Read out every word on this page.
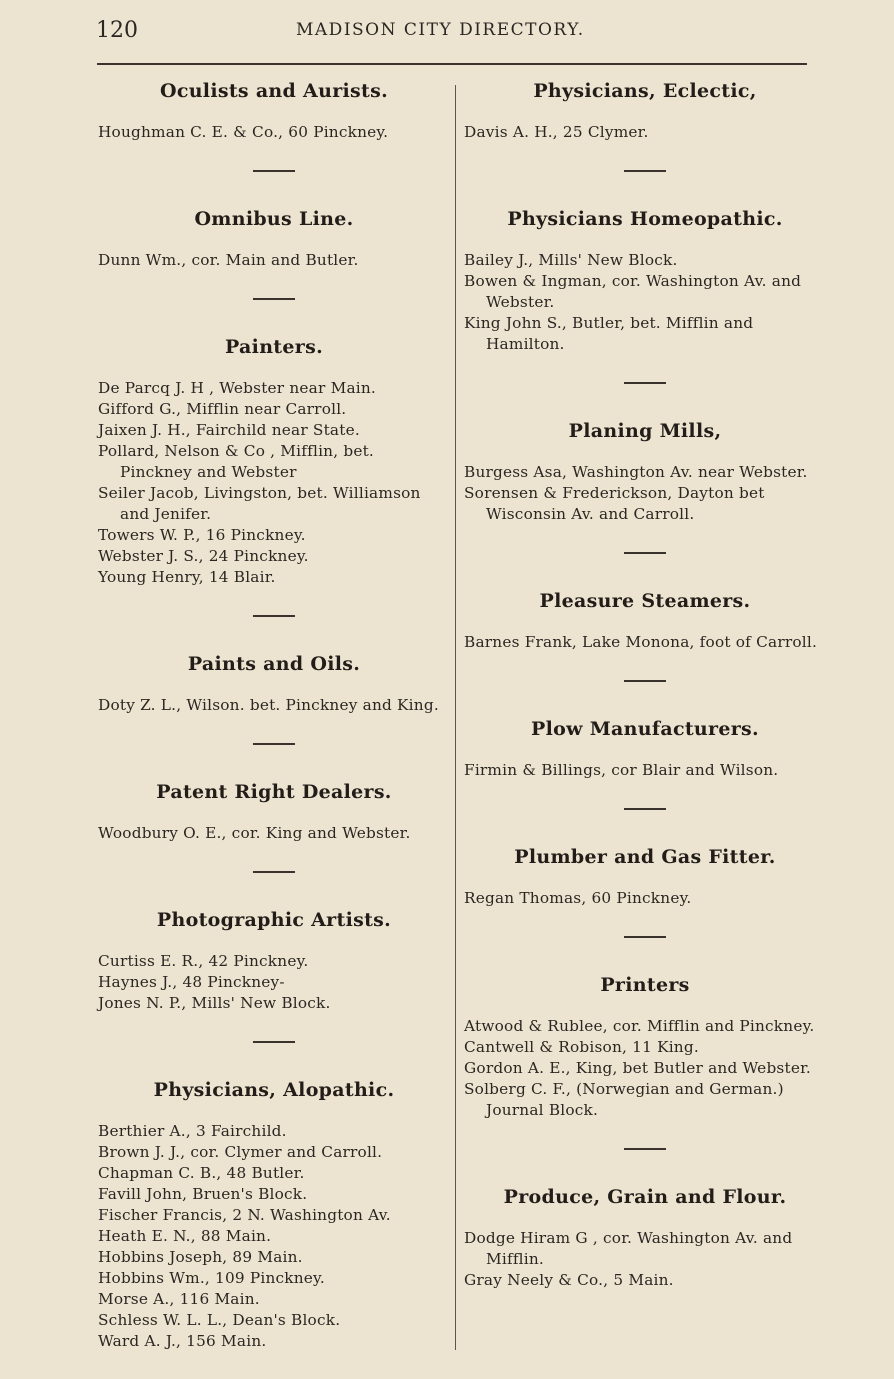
120	MADISON CITY DIRECTORY.
Oculists and Aurists.
Houghman C. E. & Co., 60 Pinckney.
Omnibus Line.
Dunn Wm., cor. Main and Butler.
Painters.
De Parcq J. H , Webster near Main.
Gifford G., Mifflin near Carroll.
Jaixen J. H., Fairchild near State.
Pollard, Nelson & Co , Mifflin, bet. Pinckney and Webster
Seiler Jacob, Livingston, bet. Williamson and Jenifer.
Towers W. P., 16 Pinckney.
Webster J. S., 24 Pinckney.
Young Henry, 14 Blair.
Paints and Oils.
Doty Z. L., Wilson. bet. Pinckney and King.
Patent Right Dealers.
Woodbury O. E., cor. King and Webster.
Photographic Artists.
Curtiss E. R., 42 Pinckney.
Haynes J., 48 Pinckney-
Jones N. P., Mills' New Block.
Physicians, Alopathic.
Berthier A., 3 Fairchild.
Brown J. J., cor. Clymer and Carroll.
Chapman C. B., 48 Butler.
Favill John, Bruen's Block.
Fischer Francis, 2 N. Washington Av.
Heath E. N., 88 Main.
Hobbins Joseph, 89 Main.
Hobbins Wm., 109 Pinckney.
Morse A., 116 Main.
Schless W. L. L., Dean's Block.
Ward A. J., 156 Main.
Physicians, Eclectic,
Davis A. H., 25 Clymer.
Physicians Homeopathic.
Bailey J., Mills' New Block.
Bowen & Ingman, cor. Washington Av. and Webster.
King John S., Butler, bet. Mifflin and Hamilton.
Planing Mills,
Burgess Asa, Washington Av. near Webster.
Sorensen & Frederickson, Dayton bet Wisconsin Av. and Carroll.
Pleasure Steamers.
Barnes Frank, Lake Monona, foot of Carroll.
Plow Manufacturers.
Firmin & Billings, cor Blair and Wilson.
Plumber and Gas Fitter.
Regan Thomas, 60 Pinckney.
Printers
Atwood & Rublee, cor. Mifflin and Pinckney.
Cantwell & Robison, 11 King.
Gordon A. E., King, bet Butler and Webster.
Solberg C. F., (Norwegian and German.) Journal Block.
Produce, Grain and Flour.
Dodge Hiram G , cor. Washington Av. and Mifflin.
Gray Neely & Co., 5 Main.
